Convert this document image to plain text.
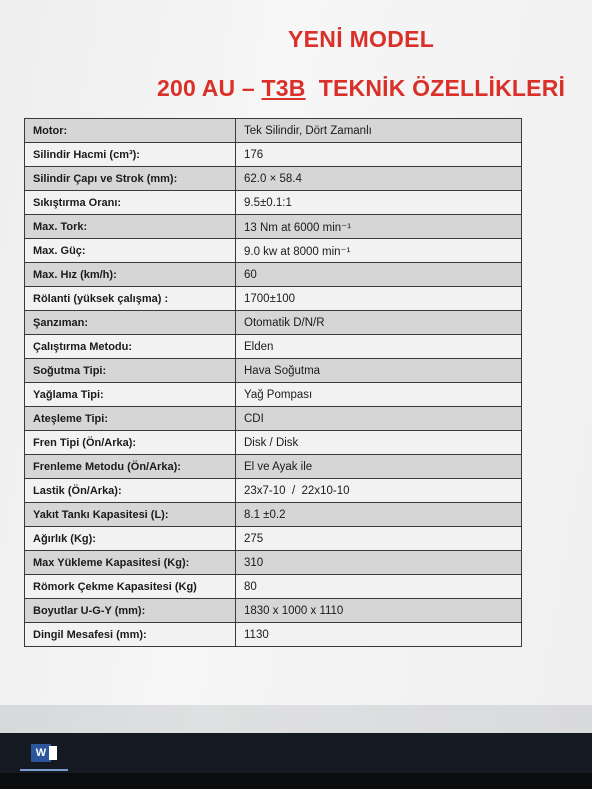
YENİ MODEL
200 AU – T3B  TEKNİK ÖZELLİKLERİ
Motor:	Tek Silindir, Dört Zamanlı
Silindir Hacmi (cm³):	176
Silindir Çapı ve Strok (mm):	62.0 × 58.4
Sıkıştırma Oranı:	9.5±0.1:1
Max. Tork:	13 Nm at 6000 min⁻¹
Max. Güç:	9.0 kw at 8000 min⁻¹
Max. Hız (km/h):	60
Rölanti (yüksek çalışma) :	1700±100
Şanzıman:	Otomatik D/N/R
Çalıştırma Metodu:	Elden
Soğutma Tipi:	Hava Soğutma
Yağlama Tipi:	Yağ Pompası
Ateşleme Tipi:	CDI
Fren Tipi (Ön/Arka):	Disk / Disk
Frenleme Metodu (Ön/Arka):	El ve Ayak ile
Lastik (Ön/Arka):	23x7-10  /  22x10-10
Yakıt Tankı Kapasitesi (L):	8.1 ±0.2
Ağırlık (Kg):	275
Max Yükleme Kapasitesi (Kg):	310
Römork Çekme Kapasitesi (Kg)	80
Boyutlar U-G-Y (mm):	1830 x 1000 x 1110
Dingil Mesafesi (mm):	1130
W
